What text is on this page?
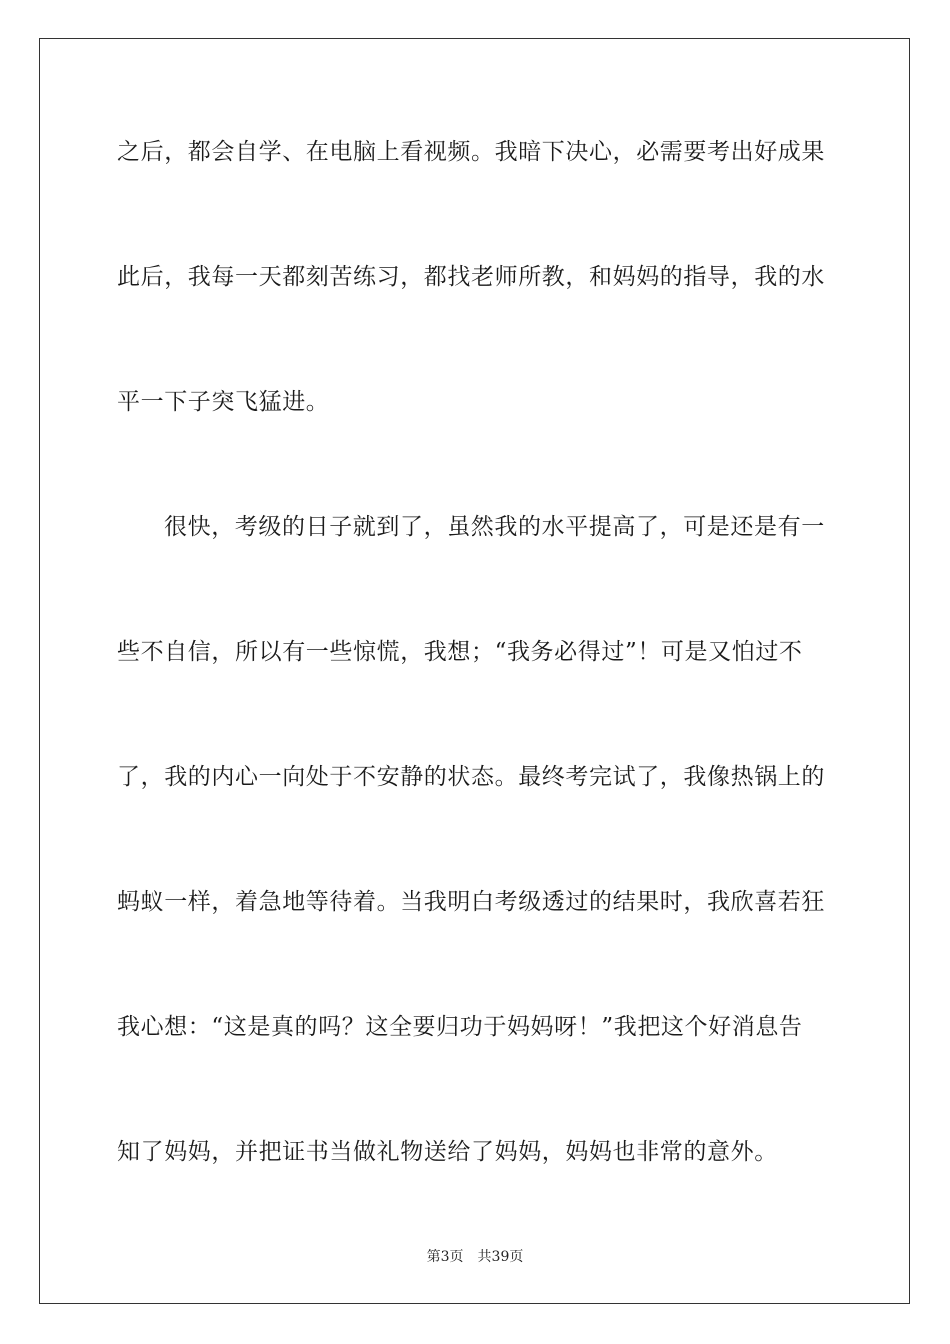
之后，都会自学、在电脑上看视频。我暗下决心，必需要考出好成果
此后，我每一天都刻苦练习，都找老师所教，和妈妈的指导，我的水
平一下子突飞猛进。
很快，考级的日子就到了，虽然我的水平提高了，可是还是有一
些不自信，所以有一些惊慌，我想；“我务必得过”！可是又怕过不
了，我的内心一向处于不安静的状态。最终考完试了，我像热锅上的
蚂蚁一样，着急地等待着。当我明白考级透过的结果时，我欣喜若狂
我心想：“这是真的吗？这全要归功于妈妈呀！”我把这个好消息告
知了妈妈，并把证书当做礼物送给了妈妈，妈妈也非常的意外。
第3页 共39页
